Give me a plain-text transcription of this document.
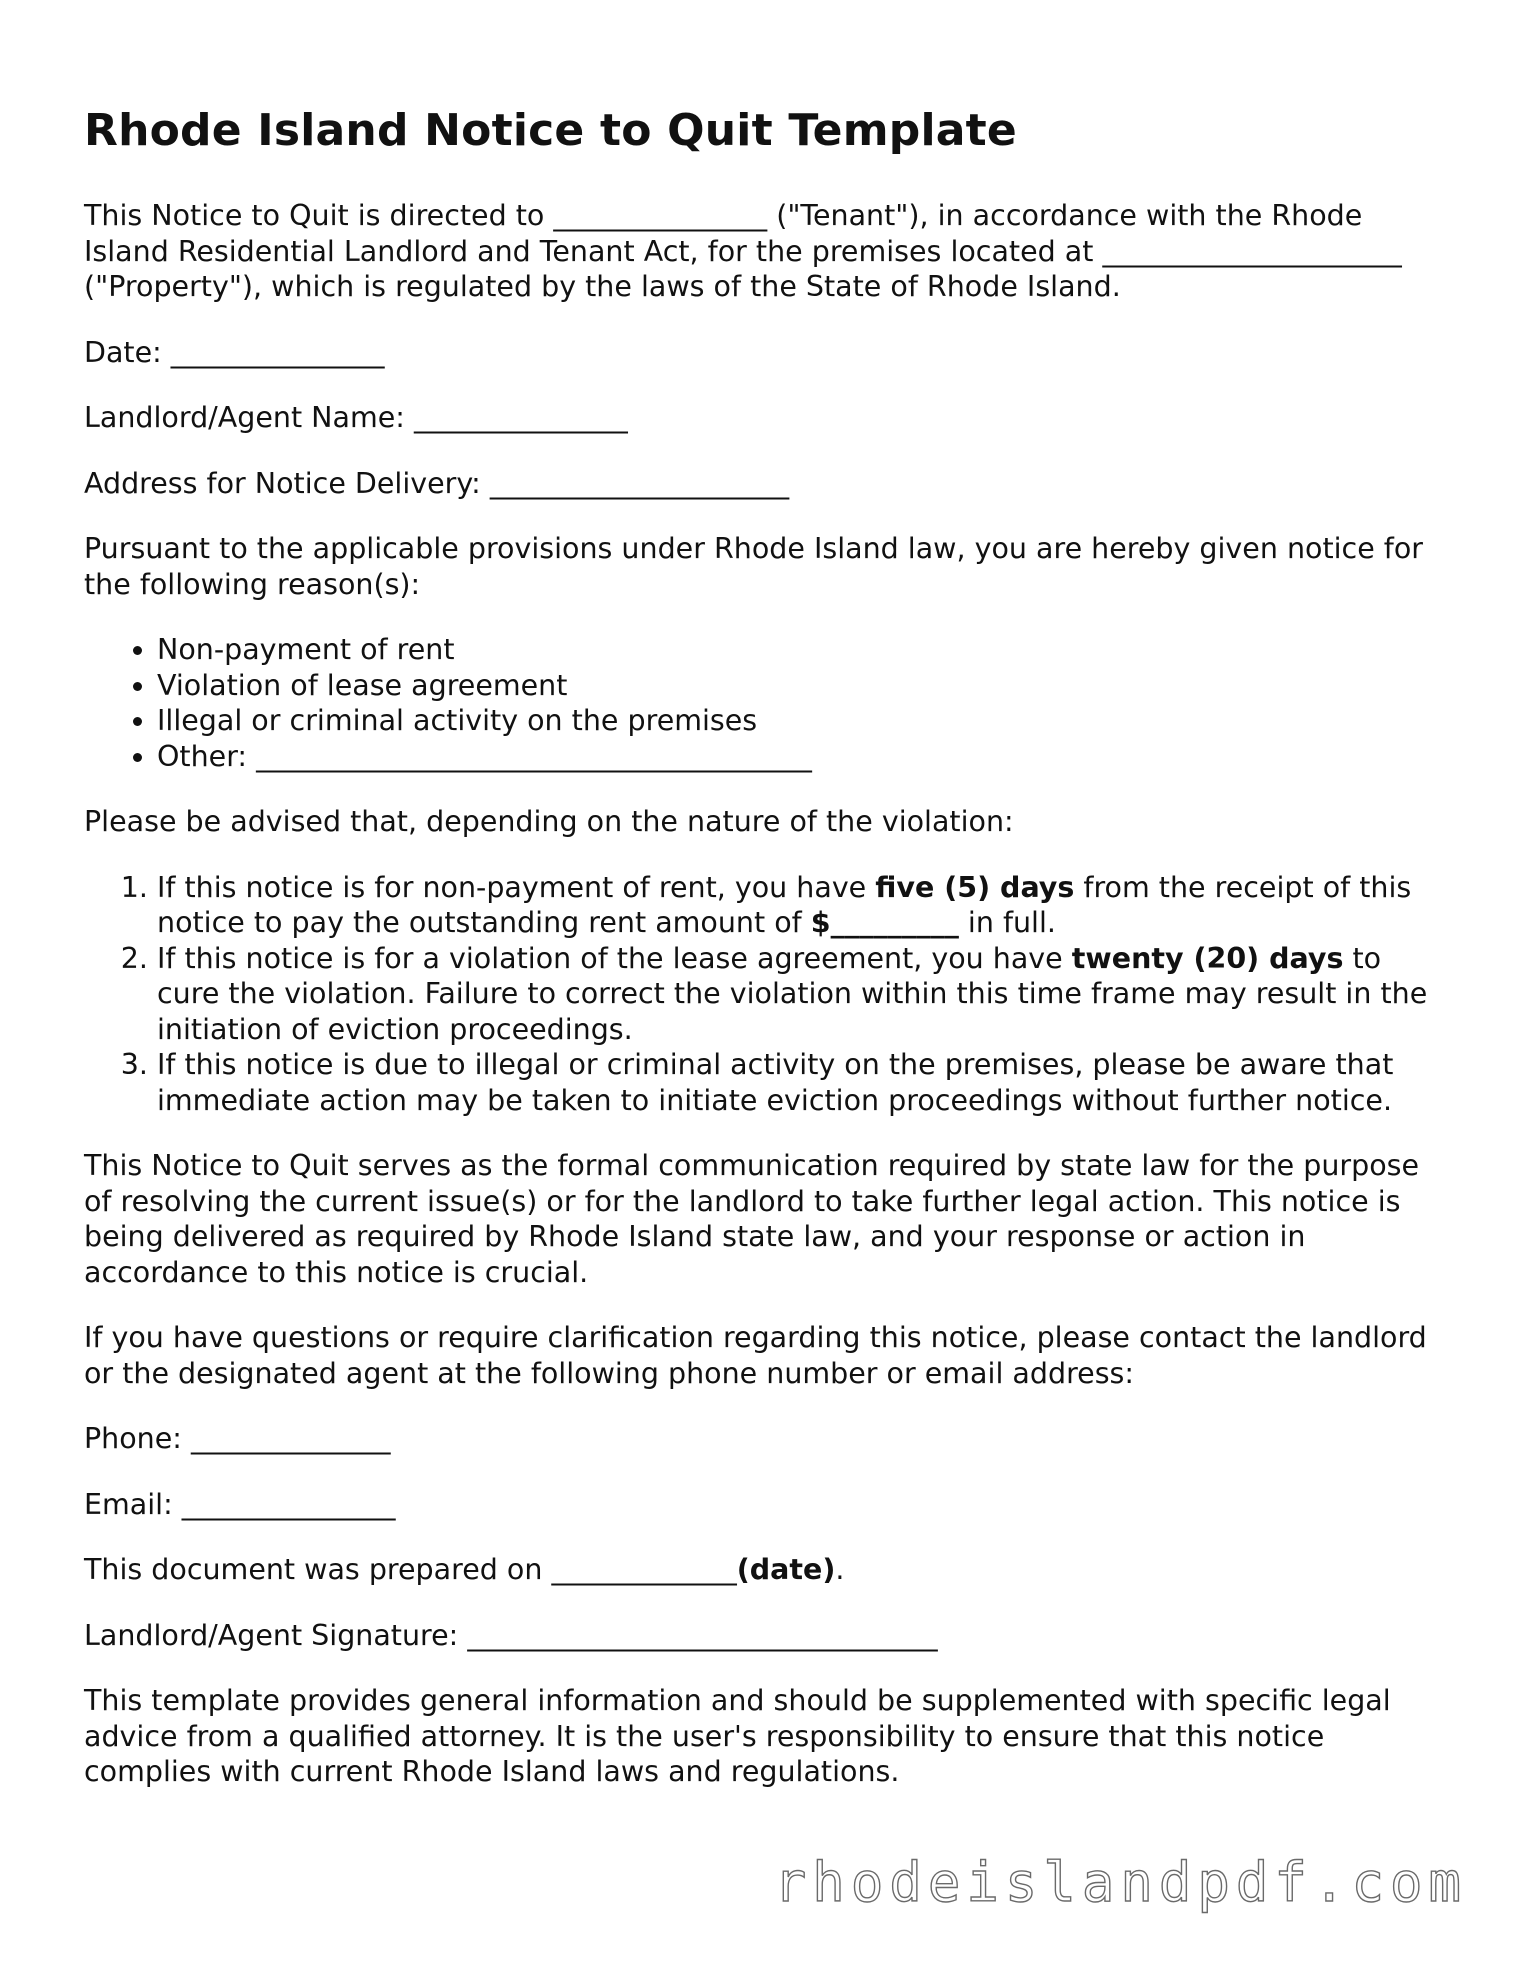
Rhode Island Notice to Quit Template

This Notice to Quit is directed to _______________ ("Tenant"), in accordance with the Rhode Island Residential Landlord and Tenant Act, for the premises located at _____________________ ("Property"), which is regulated by the laws of the State of Rhode Island.

Date: _______________

Landlord/Agent Name: _______________

Address for Notice Delivery: _____________________

Pursuant to the applicable provisions under Rhode Island law, you are hereby given notice for the following reason(s):

• Non-payment of rent
• Violation of lease agreement
• Illegal or criminal activity on the premises
• Other: _______________________________________

Please be advised that, depending on the nature of the violation:

1. If this notice is for non-payment of rent, you have five (5) days from the receipt of this notice to pay the outstanding rent amount of $_________ in full.
2. If this notice is for a violation of the lease agreement, you have twenty (20) days to cure the violation. Failure to correct the violation within this time frame may result in the initiation of eviction proceedings.
3. If this notice is due to illegal or criminal activity on the premises, please be aware that immediate action may be taken to initiate eviction proceedings without further notice.

This Notice to Quit serves as the formal communication required by state law for the purpose of resolving the current issue(s) or for the landlord to take further legal action. This notice is being delivered as required by Rhode Island state law, and your response or action in accordance to this notice is crucial.

If you have questions or require clarification regarding this notice, please contact the landlord or the designated agent at the following phone number or email address:

Phone: ______________

Email: _______________

This document was prepared on _____________(date).

Landlord/Agent Signature: _________________________________

This template provides general information and should be supplemented with specific legal advice from a qualified attorney. It is the user's responsibility to ensure that this notice complies with current Rhode Island laws and regulations.

rhodeislandpdf.com
